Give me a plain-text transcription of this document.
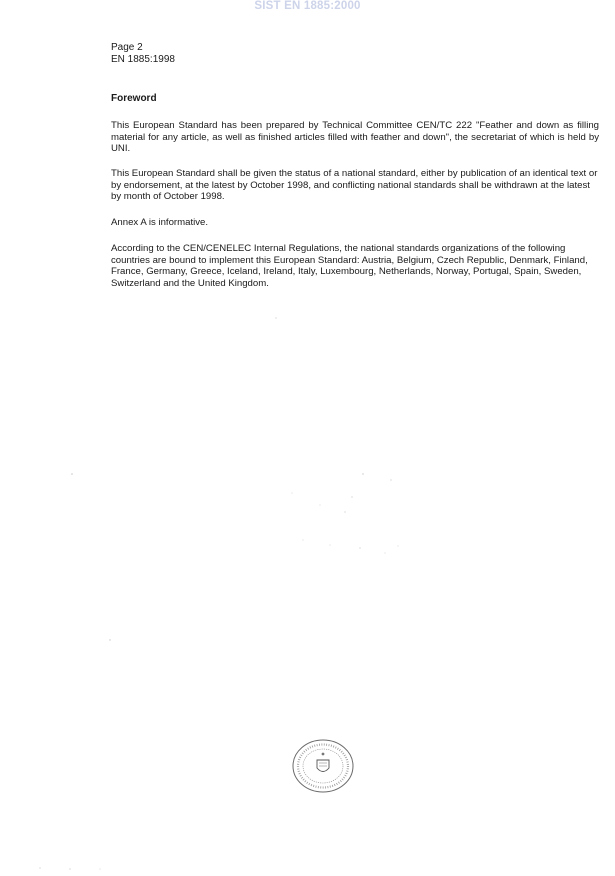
SIST EN 1885:2000
Page 2
EN 1885:1998
Foreword
This European Standard has been prepared by Technical Committee CEN/TC 222 "Feather and down as filling material for any article, as well as finished articles filled with feather and down", the secretariat of which is held by UNI.
This European Standard shall be given the status of a national standard, either by publication of an identical text or by endorsement, at the latest by October 1998, and conflicting national standards shall be withdrawn at the latest by month of October 1998.
Annex A is informative.
According to the CEN/CENELEC Internal Regulations, the national standards organizations of the following countries are bound to implement this European Standard: Austria, Belgium, Czech Republic, Denmark, Finland, France, Germany, Greece, Iceland, Ireland, Italy, Luxembourg, Netherlands, Norway, Portugal, Spain, Sweden, Switzerland and the United Kingdom.
